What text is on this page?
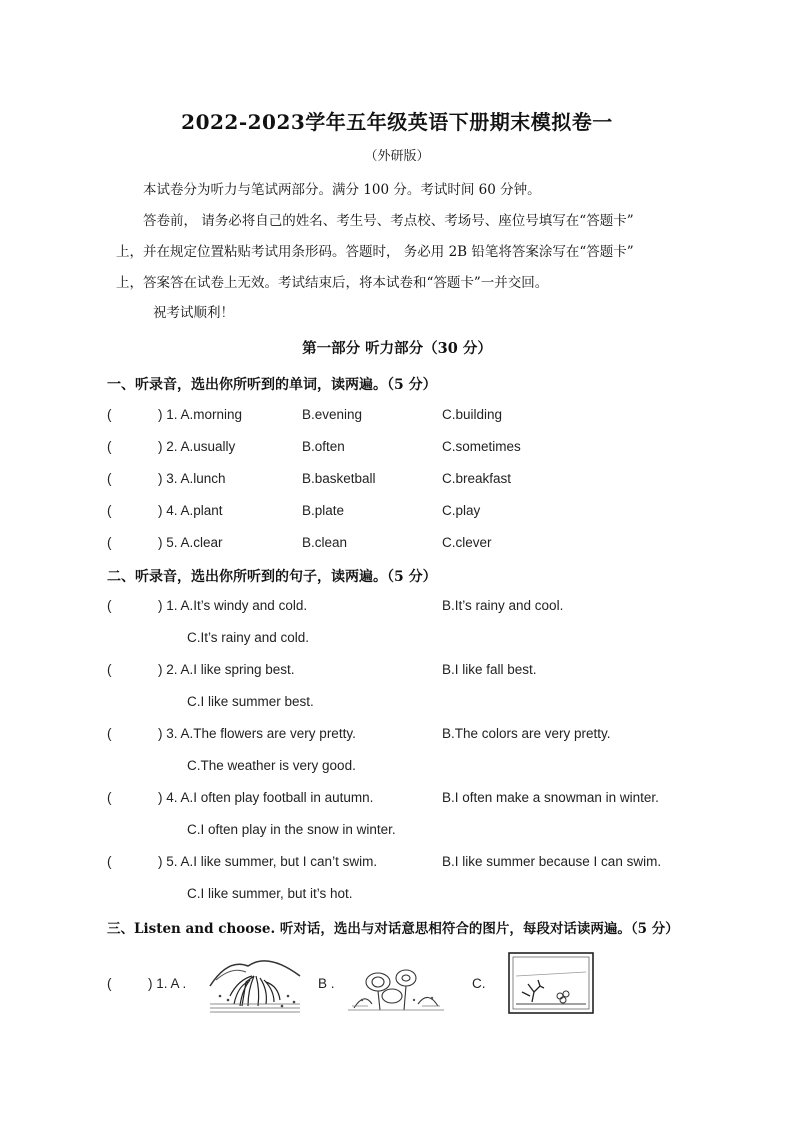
2022-2023学年五年级英语下册期末模拟卷一
（外研版）
本试卷分为听力与笔试两部分。满分 100 分。考试时间 60 分钟。
答卷前， 请务必将自己的姓名、考生号、考点校、考场号、座位号填写在“答题卡”
上，并在规定位置粘贴考试用条形码。答题时， 务必用 2B 铅笔将答案涂写在“答题卡”
上，答案答在试卷上无效。考试结束后，将本试卷和“答题卡”一并交回。
祝考试顺利！
第一部分 听力部分（30 分）
一、听录音，选出你所听到的单词，读两遍。（5 分）
(	) 1. A.morning	B.evening	C.building
(	) 2. A.usually	B.often	C.sometimes
(	) 3. A.lunch	B.basketball	C.breakfast
(	) 4. A.plant	B.plate	C.play
(	) 5. A.clear	B.clean	C.clever
二、听录音，选出你所听到的句子，读两遍。（5 分）
(	) 1. A.It’s windy and cold.	B.It’s rainy and cool.
C.It’s rainy and cold.
(	) 2. A.I like spring best.	B.I like fall best.
C.I like summer best.
(	) 3. A.The flowers are very pretty.	B.The colors are very pretty.
C.The weather is very good.
(	) 4. A.I often play football in autumn.	B.I often make a snowman in winter.
C.I often play in the snow in winter.
(	) 5. A.I like summer, but I can’t swim.	B.I like summer because I can swim.
C.I like summer, but it’s hot.
三、Listen and choose. 听对话，选出与对话意思相符合的图片，每段对话读两遍。（5 分）
(	) 1. A .	B .	C.
